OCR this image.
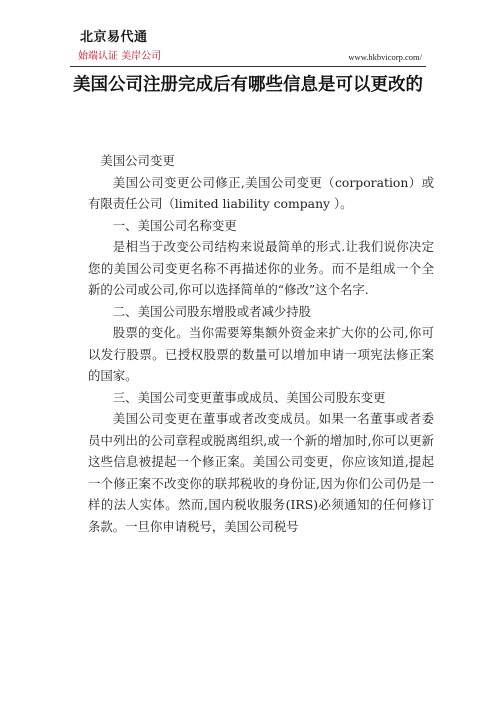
北京易代通
始端认证 美岸公司	www.hkbvicorp.com/
美国公司注册完成后有哪些信息是可以更改的

美国公司变更

美国公司变更公司修正,美国公司变更（corporation）或有限责任公司（limited liability company ）。

一、美国公司名称变更

是相当于改变公司结构来说最简单的形式.让我们说你决定您的美国公司变更名称不再描述你的业务。而不是组成一个全新的公司或公司,你可以选择简单的“修改”这个名字.

二、美国公司股东增股或者减少持股

股票的变化。当你需要筹集额外资金来扩大你的公司,你可以发行股票。已授权股票的数量可以增加申请一项宪法修正案的国家。

三、美国公司变更董事或成员、美国公司股东变更

美国公司变更在董事或者改变成员。如果一名董事或者委员中列出的公司章程或脱离组织,或一个新的增加时,你可以更新这些信息被提起一个修正案。美国公司变更，你应该知道,提起一个修正案不改变你的联邦税收的身份证,因为你们公司仍是一样的法人实体。然而,国内税收服务(IRS)必须通知的任何修订条款。一旦你申请税号，美国公司税号
